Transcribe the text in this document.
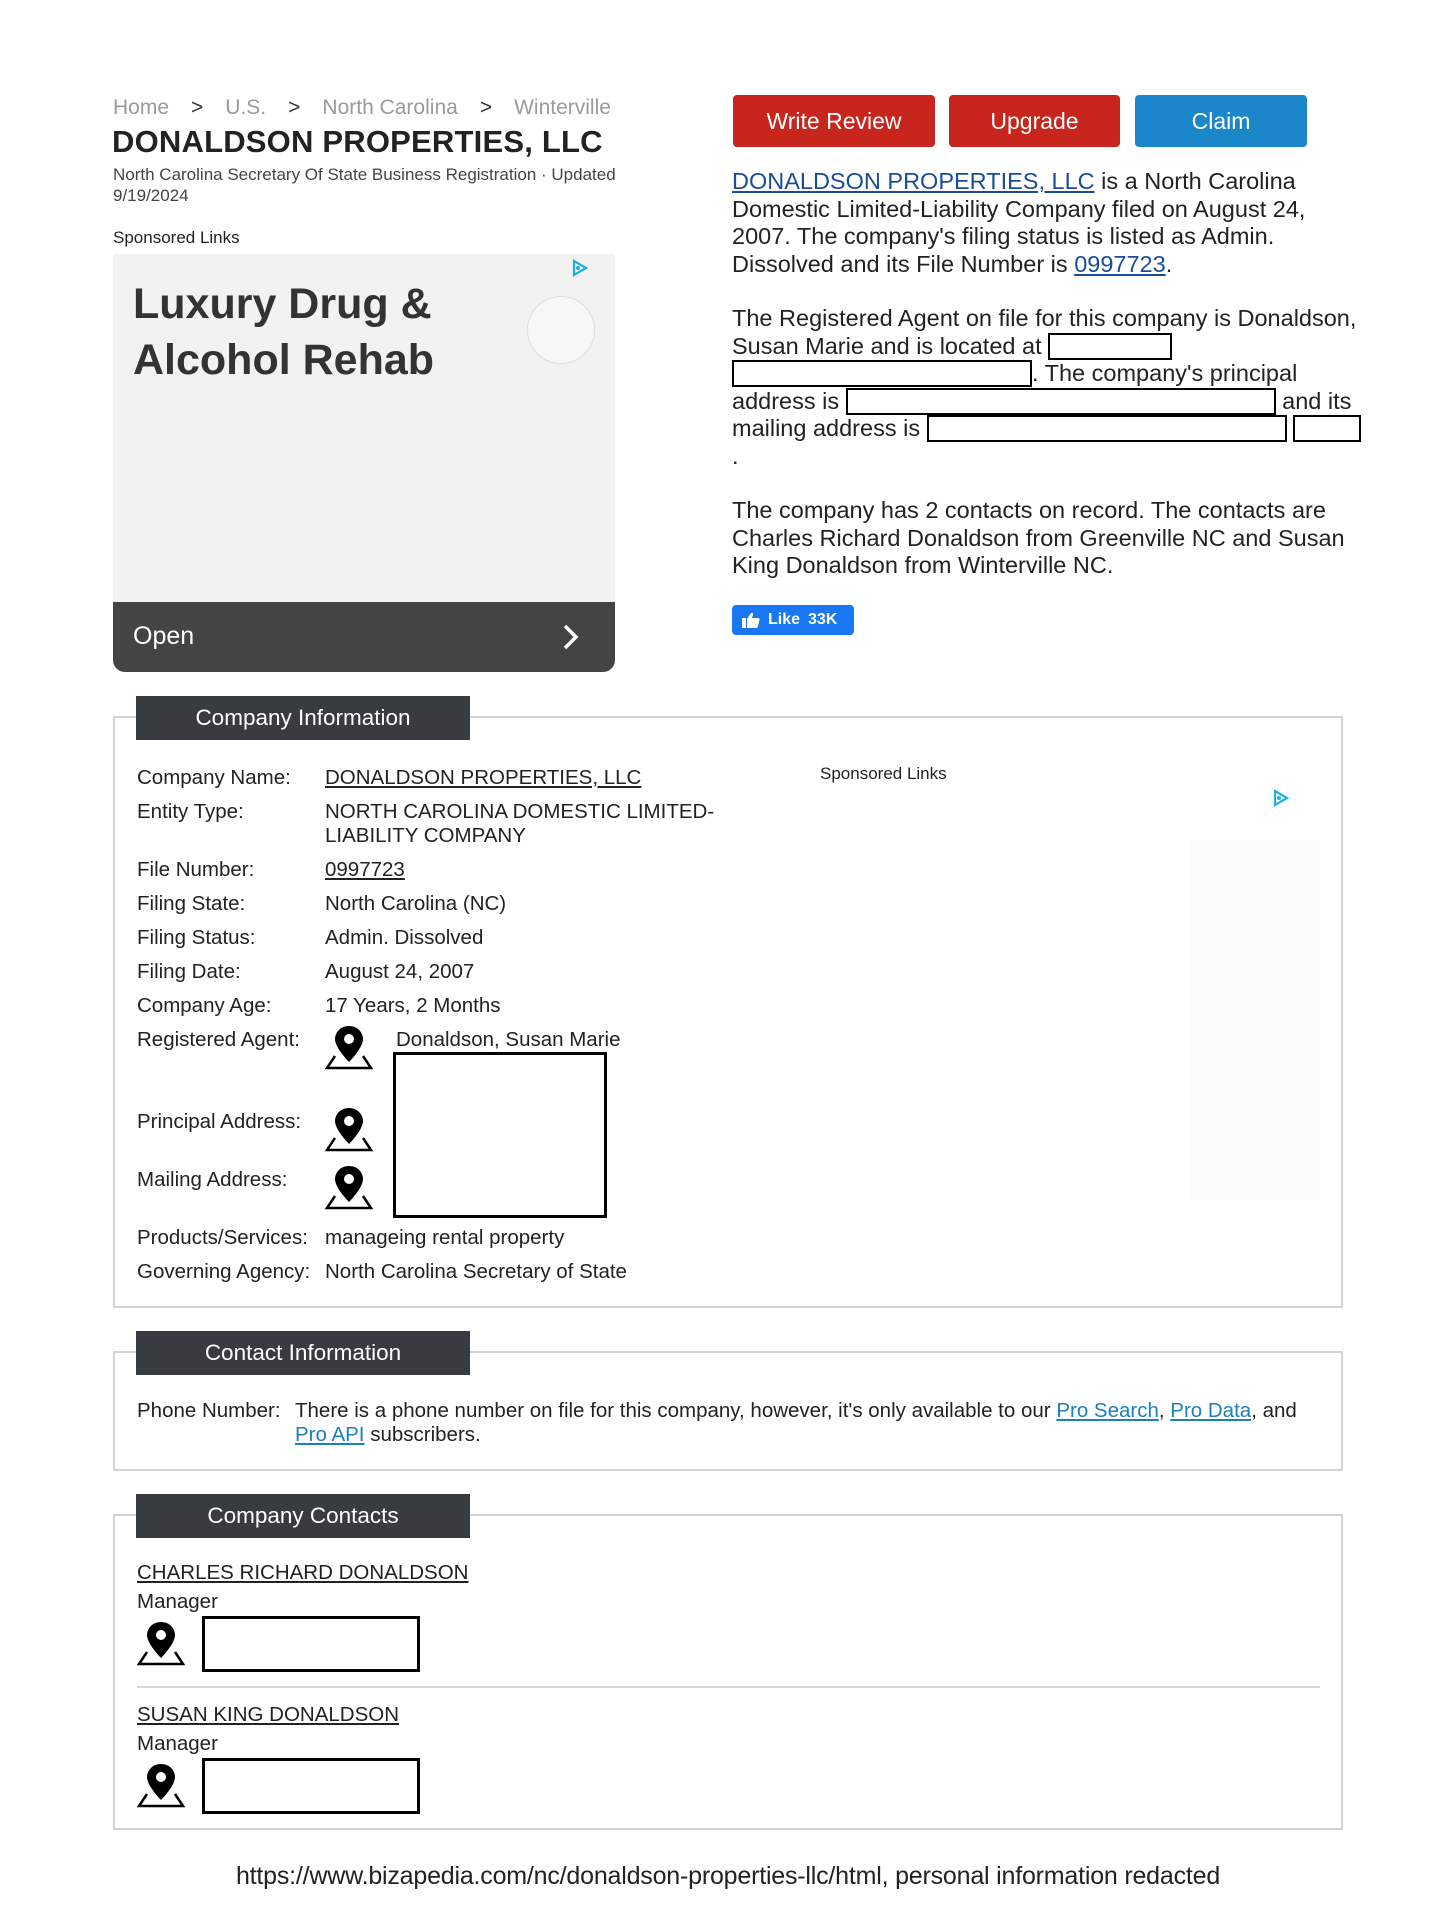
Home > U.S. > North Carolina > Winterville
DONALDSON PROPERTIES, LLC
North Carolina Secretary Of State Business Registration · Updated 9/19/2024
Sponsored Links
Luxury Drug & Alcohol Rehab
Open
Write Review	Upgrade	Claim

DONALDSON PROPERTIES, LLC is a North Carolina Domestic Limited-Liability Company filed on August 24, 2007. The company's filing status is listed as Admin. Dissolved and its File Number is 0997723.

The Registered Agent on file for this company is Donaldson, Susan Marie and is located at  . The company's principal address is	and its mailing address is  .

The company has 2 contacts on record. The contacts are Charles Richard Donaldson from Greenville NC and Susan King Donaldson from Winterville NC.

Like 33K
Company Information
Company Name: DONALDSON PROPERTIES, LLC
Entity Type:	NORTH CAROLINA DOMESTIC LIMITED-LIABILITY COMPANY
File Number:	0997723
Filing State:	North Carolina (NC)
Filing Status:	Admin. Dissolved
Filing Date:	August 24, 2007
Company Age:	17 Years, 2 Months
Registered Agent:	Donaldson, Susan Marie
Principal Address:
Mailing Address:
Products/Services: manageing rental property
Governing Agency: North Carolina Secretary of State
Sponsored Links
Contact Information
Phone Number: There is a phone number on file for this company, however, it's only available to our Pro Search, Pro Data, and Pro API subscribers.
Company Contacts
CHARLES RICHARD DONALDSON
Manager
SUSAN KING DONALDSON
Manager
https://www.bizapedia.com/nc/donaldson-properties-llc/html, personal information redacted
